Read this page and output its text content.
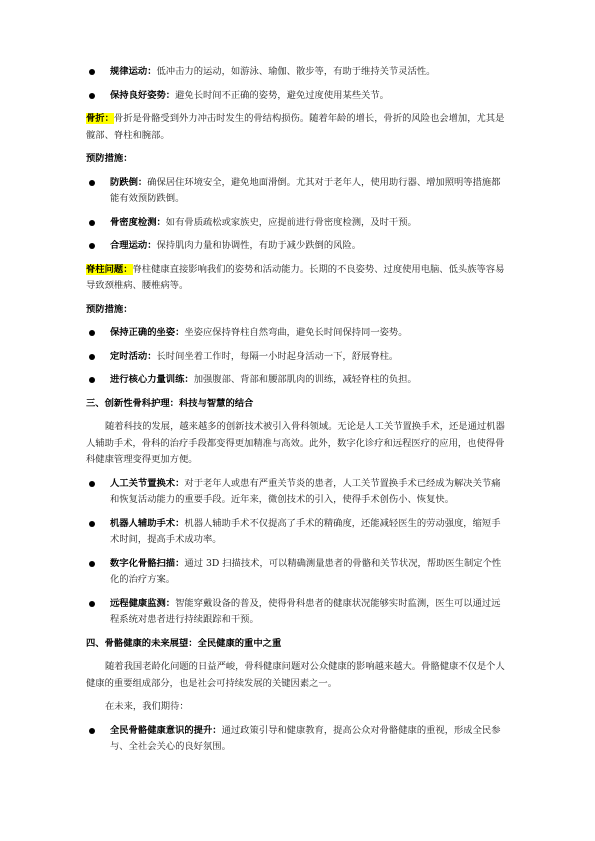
规律运动：低冲击力的运动，如游泳、瑜伽、散步等，有助于维持关节灵活性。
保持良好姿势：避免长时间不正确的姿势，避免过度使用某些关节。
骨折：骨折是骨骼受到外力冲击时发生的骨结构损伤。随着年龄的增长，骨折的风险也会增加，尤其是髋部、脊柱和腕部。
预防措施：
防跌倒：确保居住环境安全，避免地面滑倒。尤其对于老年人，使用助行器、增加照明等措施都能有效预防跌倒。
骨密度检测：如有骨质疏松或家族史，应提前进行骨密度检测，及时干预。
合理运动：保持肌肉力量和协调性，有助于减少跌倒的风险。
脊柱问题：脊柱健康直接影响我们的姿势和活动能力。长期的不良姿势、过度使用电脑、低头族等容易导致颈椎病、腰椎病等。
预防措施：
保持正确的坐姿：坐姿应保持脊柱自然弯曲，避免长时间保持同一姿势。
定时活动：长时间坐着工作时，每隔一小时起身活动一下，舒展脊柱。
进行核心力量训练：加强腹部、背部和腰部肌肉的训练，减轻脊柱的负担。
三、创新性骨科护理：科技与智慧的结合
随着科技的发展，越来越多的创新技术被引入骨科领域。无论是人工关节置换手术，还是通过机器人辅助手术，骨科的治疗手段都变得更加精准与高效。此外，数字化诊疗和远程医疗的应用，也使得骨科健康管理变得更加方便。
人工关节置换术：对于老年人或患有严重关节炎的患者，人工关节置换手术已经成为解决关节痛和恢复活动能力的重要手段。近年来，微创技术的引入，使得手术创伤小、恢复快。
机器人辅助手术：机器人辅助手术不仅提高了手术的精确度，还能减轻医生的劳动强度，缩短手术时间，提高手术成功率。
数字化骨骼扫描：通过 3D 扫描技术，可以精确测量患者的骨骼和关节状况，帮助医生制定个性化的治疗方案。
远程健康监测：智能穿戴设备的普及，使得骨科患者的健康状况能够实时监测，医生可以通过远程系统对患者进行持续跟踪和干预。
四、骨骼健康的未来展望：全民健康的重中之重
随着我国老龄化问题的日益严峻，骨科健康问题对公众健康的影响越来越大。骨骼健康不仅是个人健康的重要组成部分，也是社会可持续发展的关键因素之一。
在未来，我们期待：
全民骨骼健康意识的提升：通过政策引导和健康教育，提高公众对骨骼健康的重视，形成全民参与、全社会关心的良好氛围。
